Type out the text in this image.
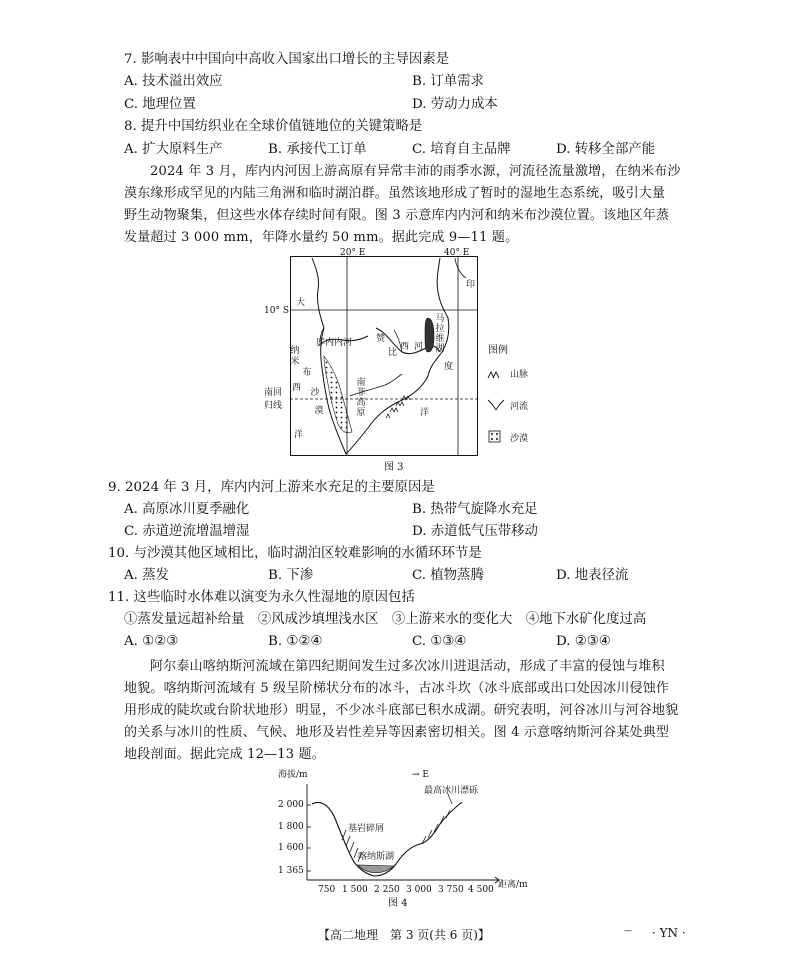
7. 影响表中中国向中高收入国家出口增长的主导因素是
A. 技术溢出效应	B. 订单需求
C. 地理位置	D. 劳动力成本
8. 提升中国纺织业在全球价值链地位的关键策略是
A. 扩大原料生产	B. 承接代工订单	C. 培育自主品牌	D. 转移全部产能
2024 年 3 月，库内内河因上游高原有异常丰沛的雨季水源，河流径流量激增，在纳米布沙
漠东缘形成罕见的内陆三角洲和临时湖泊群。虽然该地形成了暂时的湿地生态系统，吸引大量
野生动物聚集，但这些水体存续时间有限。图 3 示意库内内河和纳米布沙漠位置。该地区年蒸
发量超过 3 000 mm，年降水量约 50 mm。据此完成 9—11 题。
20° E	40° E
10° S
南回
归线
大
西
洋
库内内河
纳
米
布
沙
漠
赞
比
西 河
马
拉
维
湖
南
非
高
原
印
度
洋
图例
山脉
河流
沙漠
图 3
9. 2024 年 3 月，库内内河上游来水充足的主要原因是
A. 高原冰川夏季融化	B. 热带气旋降水充足
C. 赤道逆流增温增湿	D. 赤道低气压带移动
10. 与沙漠其他区域相比，临时湖泊区较难影响的水循环环节是
A. 蒸发	B. 下渗	C. 植物蒸腾	D. 地表径流
11. 这些临时水体难以演变为永久性湿地的原因包括
①蒸发量远超补给量　②风成沙填埋浅水区　③上游来水的变化大　④地下水矿化度过高
A. ①②③	B. ①②④	C. ①③④	D. ②③④
阿尔泰山喀纳斯河流域在第四纪期间发生过多次冰川进退活动，形成了丰富的侵蚀与堆积
地貌。喀纳斯河流域有 5 级呈阶梯状分布的冰斗，古冰斗坎（冰斗底部或出口处因冰川侵蚀作
用形成的陡坎或台阶状地形）明显，不少冰斗底部已积水成湖。研究表明，河谷冰川与河谷地貌
的关系与冰川的性质、气候、地形及岩性差异等因素密切相关。图 4 示意喀纳斯河谷某处典型
地段剖面。据此完成 12—13 题。
海拔/m	→ E
2 000
1 800
1 600
1 365
750 1 500 2 250 3 000 3 750 4 500 距离/m
最高冰川漂砾
基岩碎屑
喀纳斯湖
图 4
【高二地理　第 3 页(共 6 页)】	— · YN ·
